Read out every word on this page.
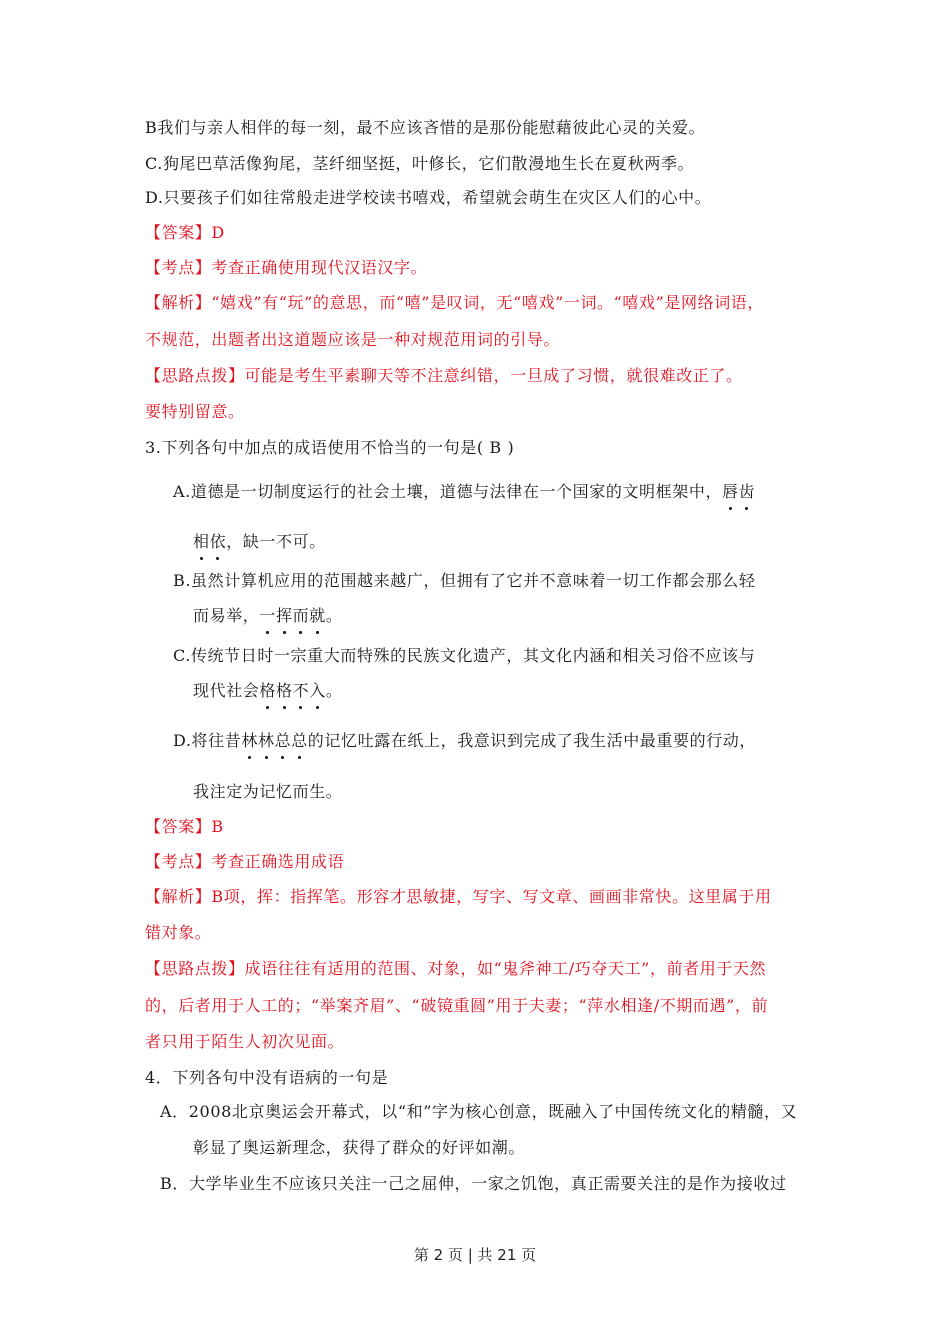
B我们与亲人相伴的每一刻，最不应该吝惜的是那份能慰藉彼此心灵的关爱。
C.狗尾巴草活像狗尾，茎纤细坚挺，叶修长，它们散漫地生长在夏秋两季。
D.只要孩子们如往常般走进学校读书嘻戏，希望就会萌生在灾区人们的心中。
【答案】D
【考点】考查正确使用现代汉语汉字。
【解析】“嬉戏”有“玩”的意思，而“嘻”是叹词，无“嘻戏”一词。“嘻戏”是网络词语，
不规范，出题者出这道题应该是一种对规范用词的引导。
【思路点拨】可能是考生平素聊天等不注意纠错，一旦成了习惯，就很难改正了。
要特别留意。
3.下列各句中加点的成语使用不恰当的一句是( B )
A.道德是一切制度运行的社会土壤，道德与法律在一个国家的文明框架中，唇齿
相依，缺一不可。
B.虽然计算机应用的范围越来越广，但拥有了它并不意味着一切工作都会那么轻
而易举，一挥而就。
C.传统节日时一宗重大而特殊的民族文化遗产，其文化内涵和相关习俗不应该与
现代社会格格不入。
D.将往昔林林总总的记忆吐露在纸上，我意识到完成了我生活中最重要的行动，
我注定为记忆而生。
【答案】B
【考点】考查正确选用成语
【解析】B项，挥：指挥笔。形容才思敏捷，写字、写文章、画画非常快。这里属于用
错对象。
【思路点拨】成语往往有适用的范围、对象，如“鬼斧神工/巧夺天工”，前者用于天然
的，后者用于人工的；“举案齐眉”、“破镜重圆”用于夫妻；“萍水相逢/不期而遇”，前
者只用于陌生人初次见面。
4．下列各句中没有语病的一句是
A．2008北京奥运会开幕式，以“和”字为核心创意，既融入了中国传统文化的精髓，又
彰显了奥运新理念，获得了群众的好评如潮。
B．大学毕业生不应该只关注一己之屈伸，一家之饥饱，真正需要关注的是作为接收过
第 2 页 | 共 21 页
